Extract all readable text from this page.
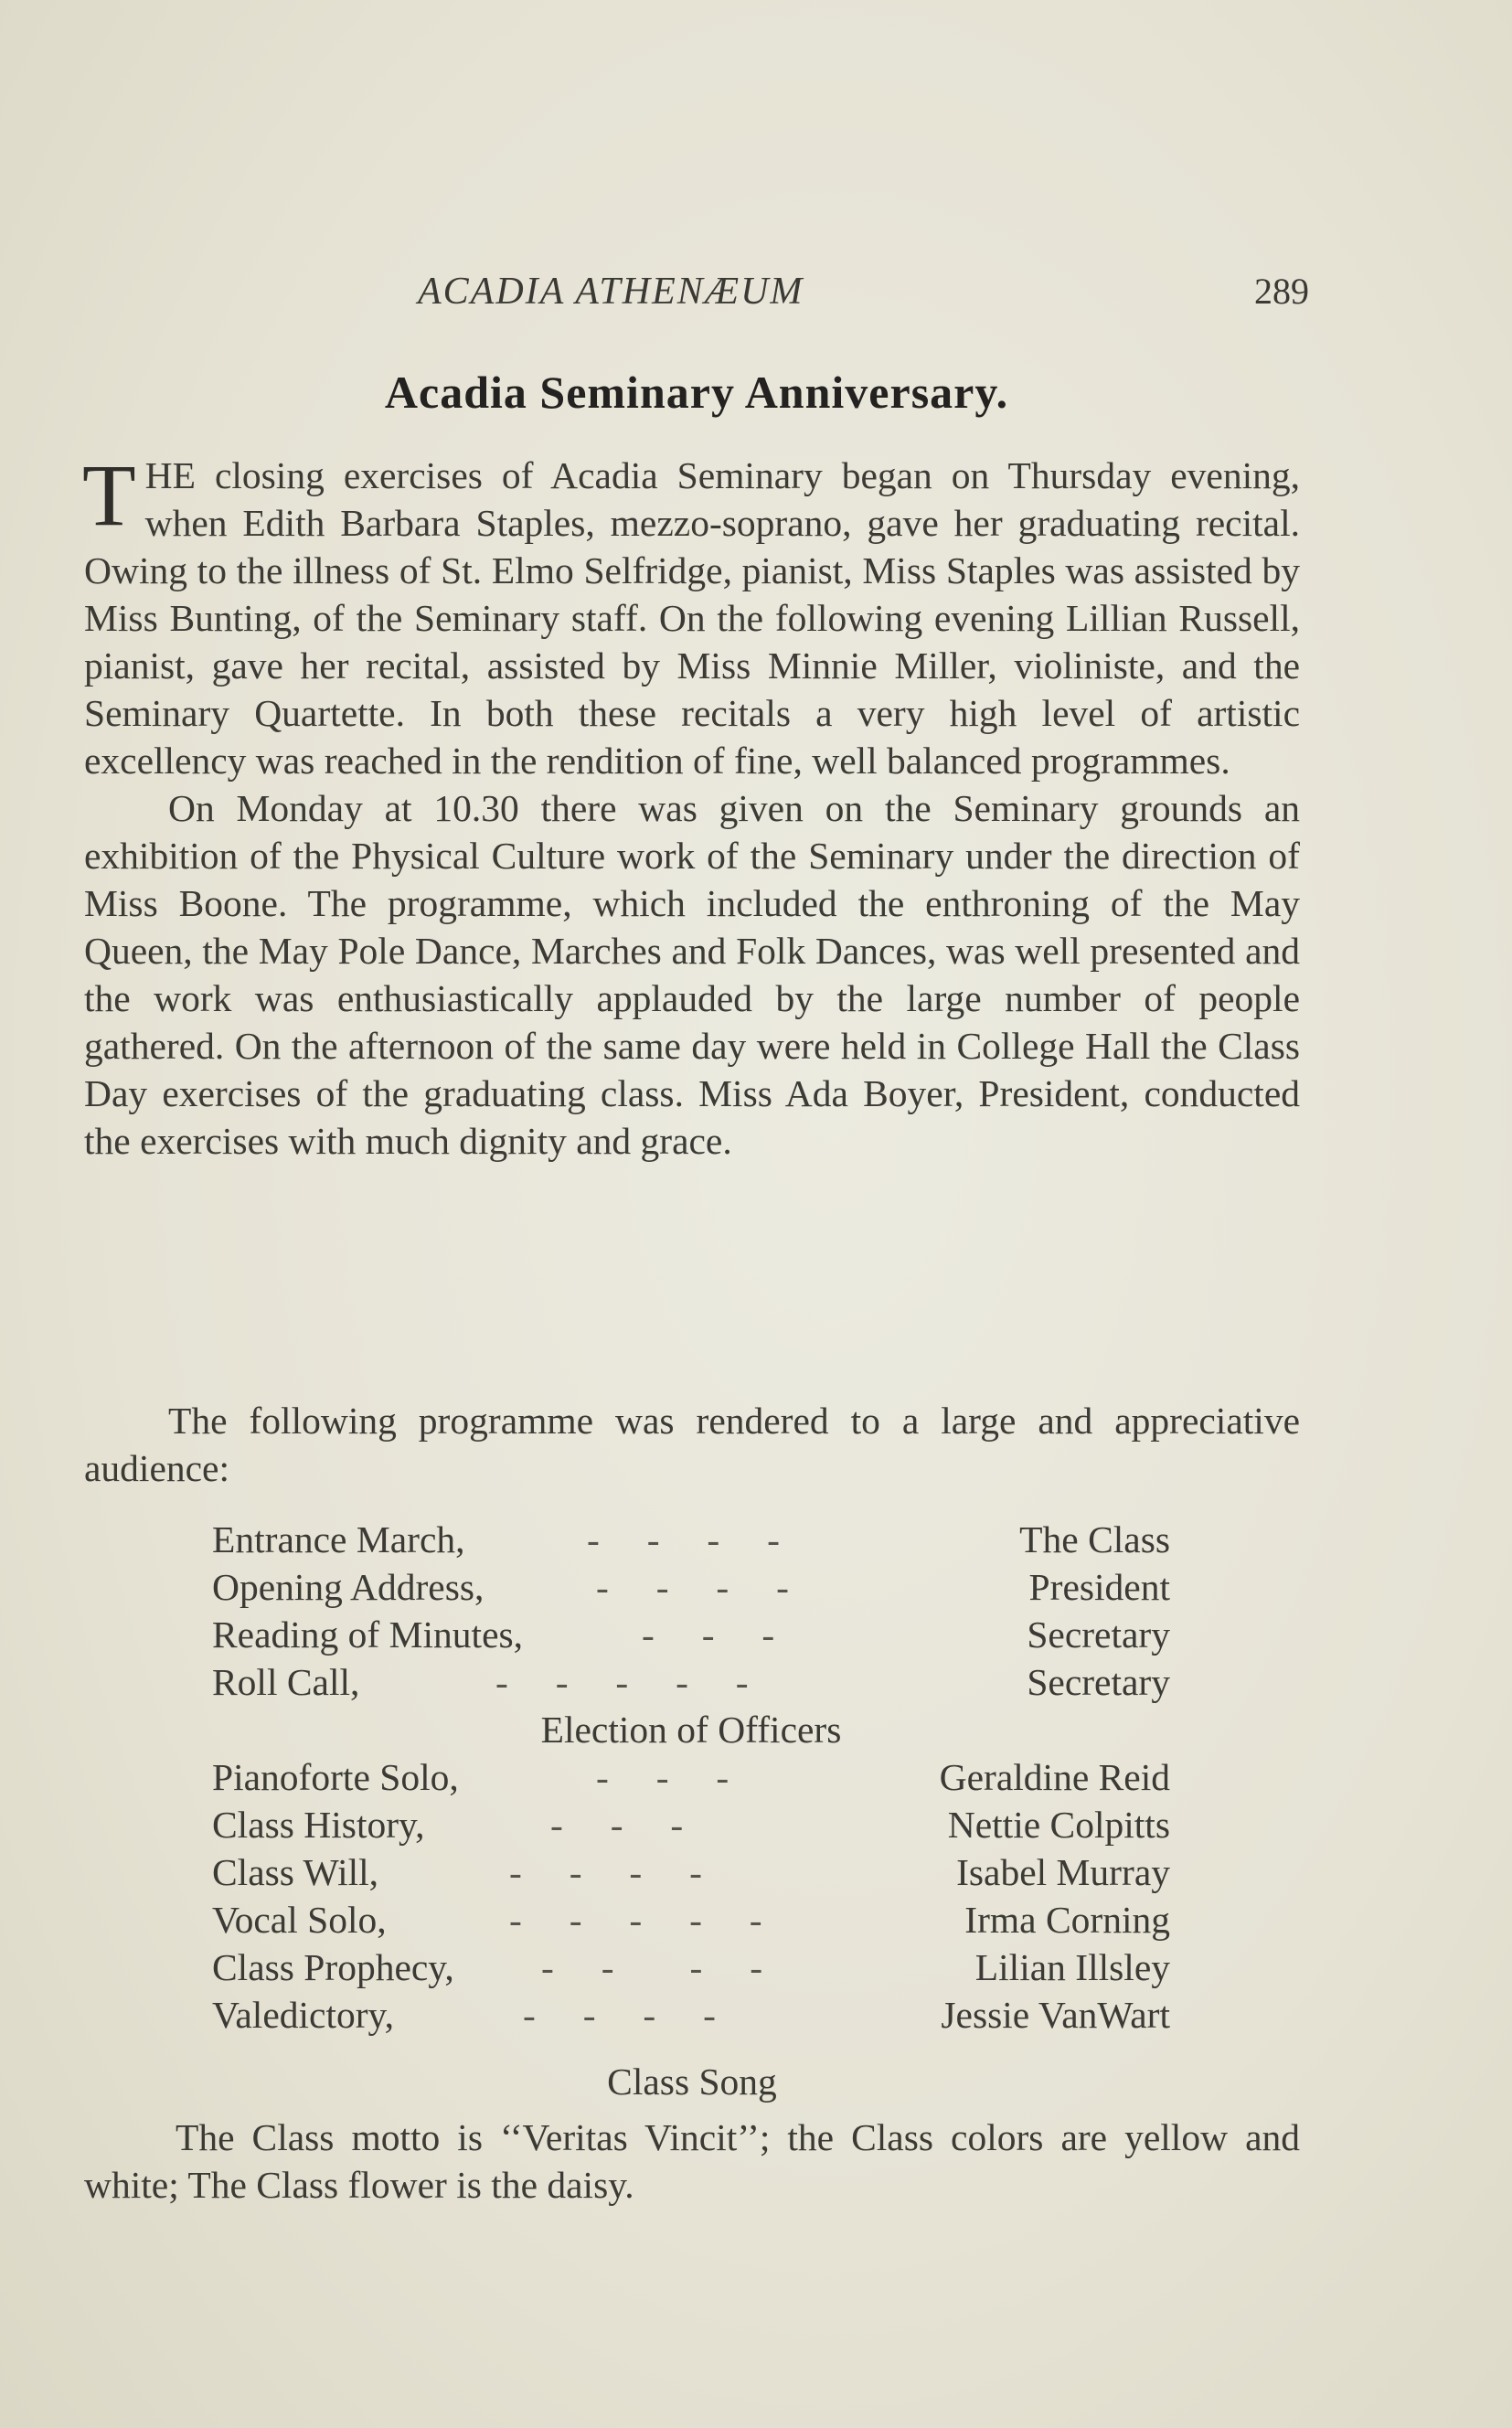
ACADIA ATHENÆUM	289
Acadia Seminary Anniversary.

THE closing exercises of Acadia Seminary began on Thursday evening, when Edith Barbara Staples, mezzo-soprano, gave her graduating recital. Owing to the illness of St. Elmo Selfridge, pianist, Miss Staples was assisted by Miss Bunting, of the Seminary staff. On the following evening Lillian Russell, pianist, gave her recital, assisted by Miss Minnie Miller, violiniste, and the Seminary Quartette. In both these recitals a very high level of artistic excellency was reached in the rendition of fine, well balanced programmes.

On Monday at 10.30 there was given on the Seminary grounds an exhibition of the Physical Culture work of the Seminary under the direction of Miss Boone. The programme, which included the enthroning of the May Queen, the May Pole Dance, Marches and Folk Dances, was well presented and the work was enthusiastically applauded by the large number of people gathered. On the afternoon of the same day were held in College Hall the Class Day exercises of the graduating class. Miss Ada Boyer, President, conducted the exercises with much dignity and grace.

The following programme was rendered to a large and appreciative audience:
Entrance March,	-     -     -     -	The Class
Opening Address,	-     -     -     -	President
Reading of Minutes,	-     -     -	Secretary
Roll Call,	-     -     -     -     -	Secretary
Election of Officers
Pianoforte Solo,	-     -     -	Geraldine Reid
Class History,	-     -     -	Nettie Colpitts
Class Will,	-     -     -     -	Isabel Murray
Vocal Solo,	-     -     -     -     -	Irma Corning
Class Prophecy, -     -        -     -	Lilian Illsley
Valedictory,	-     -     -     -	Jessie VanWart
Class Song
The Class motto is ‘‘Veritas Vincit’’; the Class colors are yellow and white; The Class flower is the daisy.
